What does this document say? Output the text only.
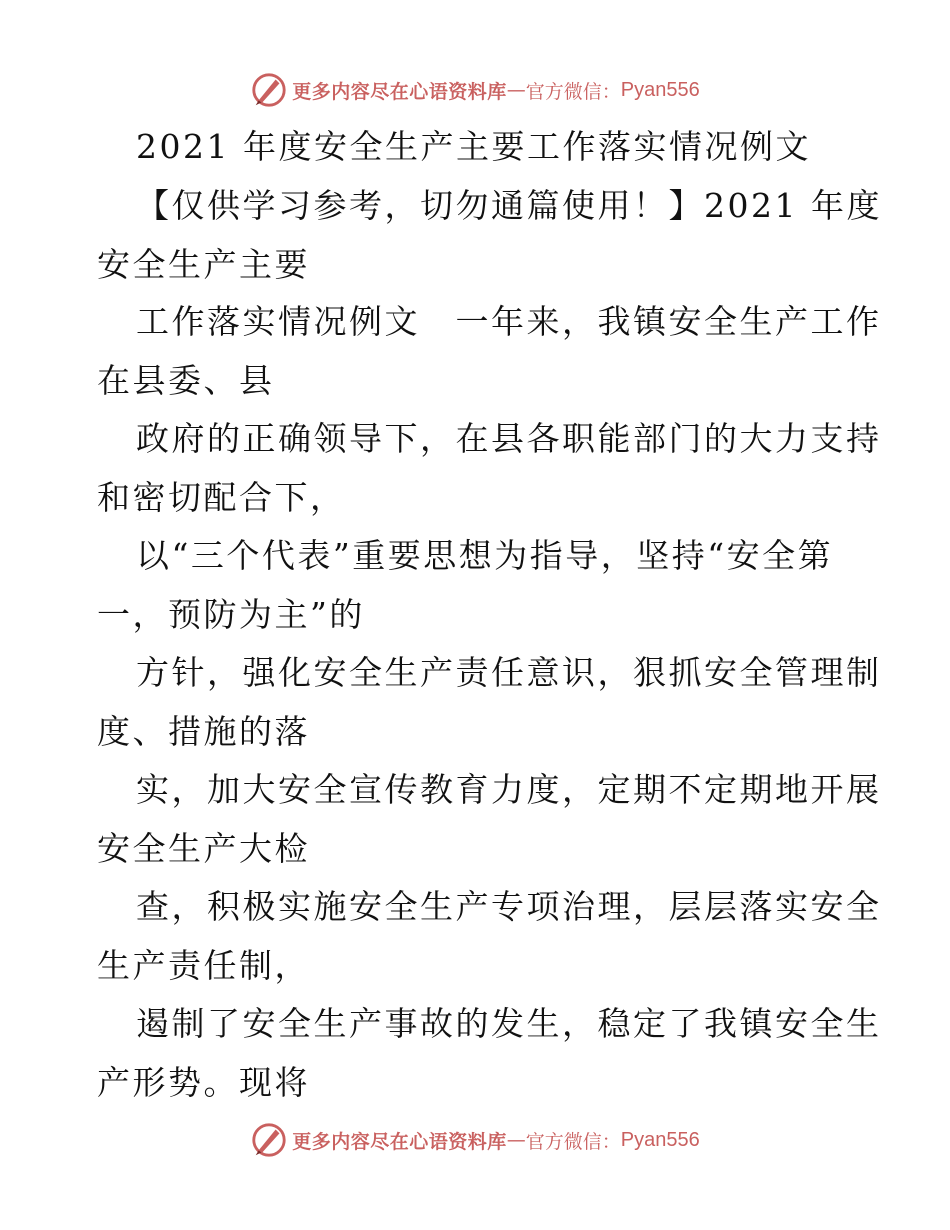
更多内容尽在心语资料库 — 官方微信： Pyan556
2021 年度安全生产主要工作落实情况例文
【仅供学习参考，切勿通篇使用！】2021 年度
安全生产主要
工作落实情况例文　一年来，我镇安全生产工作
在县委、县
政府的正确领导下，在县各职能部门的大力支持
和密切配合下，
以“三个代表”重要思想为指导，坚持“安全第
一，预防为主”的
方针，强化安全生产责任意识，狠抓安全管理制
度、措施的落
实，加大安全宣传教育力度，定期不定期地开展
安全生产大检
查，积极实施安全生产专项治理，层层落实安全
生产责任制，
遏制了安全生产事故的发生，稳定了我镇安全生
产形势。现将
更多内容尽在心语资料库 — 官方微信： Pyan556
